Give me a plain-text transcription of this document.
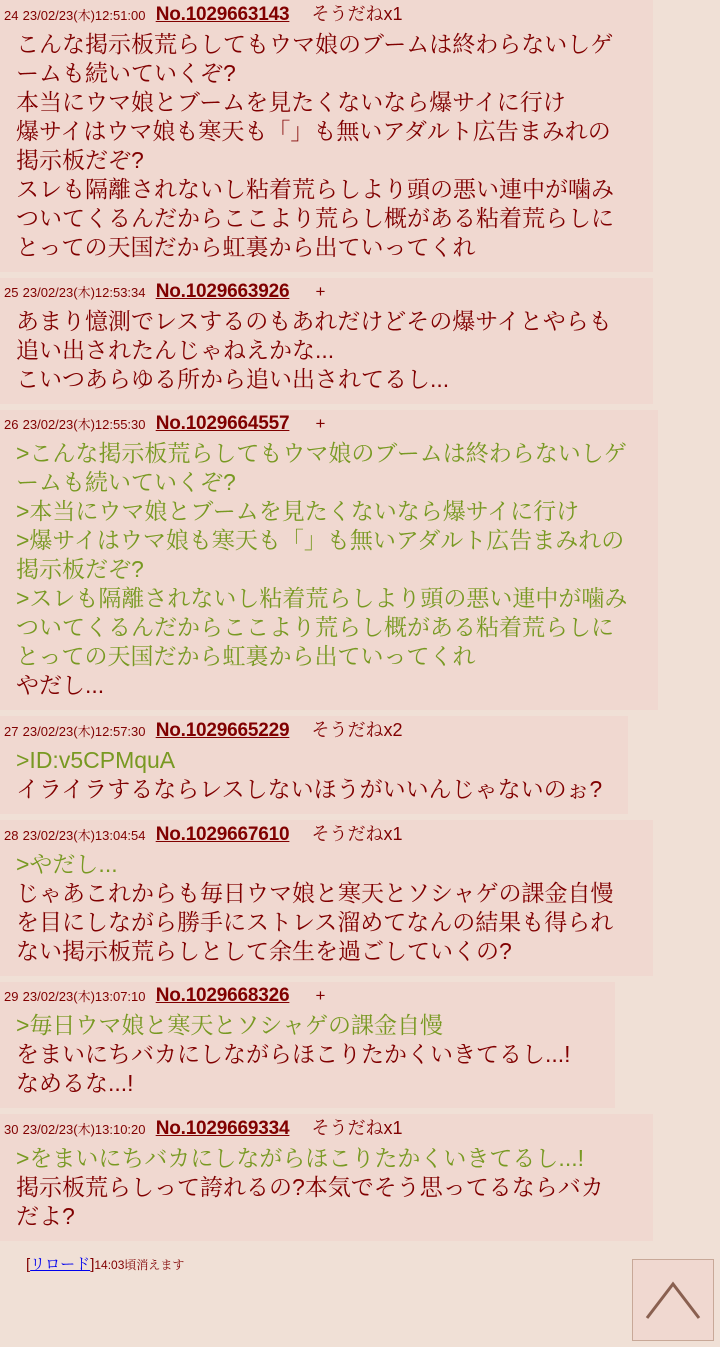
24 23/02/23(木)12:51:00 No.1029663143 そうだねx1
こんな掲示板荒らしてもウマ娘のブームは終わらないしゲ
ームも続いていくぞ?
本当にウマ娘とブームを見たくないなら爆サイに行け
爆サイはウマ娘も寒天も「」も無いアダルト広告まみれの
掲示板だぞ?
スレも隔離されないし粘着荒らしより頭の悪い連中が噛み
ついてくるんだからここより荒らし概がある粘着荒らしに
とっての天国だから虹裏から出ていってくれ
25 23/02/23(木)12:53:34 No.1029663926 +
あまり憶測でレスするのもあれだけどその爆サイとやらも
追い出されたんじゃねえかな...
こいつあらゆる所から追い出されてるし...
26 23/02/23(木)12:55:30 No.1029664557 +
>こんな掲示板荒らしてもウマ娘のブームは終わらないしゲ
ームも続いていくぞ?
>本当にウマ娘とブームを見たくないなら爆サイに行け
>爆サイはウマ娘も寒天も「」も無いアダルト広告まみれの
掲示板だぞ?
>スレも隔離されないし粘着荒らしより頭の悪い連中が噛み
ついてくるんだからここより荒らし概がある粘着荒らしに
とっての天国だから虹裏から出ていってくれ
やだし...
27 23/02/23(木)12:57:30 No.1029665229 そうだねx2
>ID:v5CPMquA
イライラするならレスしないほうがいいんじゃないのぉ?
28 23/02/23(木)13:04:54 No.1029667610 そうだねx1
>やだし...
じゃあこれからも毎日ウマ娘と寒天とソシャゲの課金自慢
を目にしながら勝手にストレス溜めてなんの結果も得られ
ない掲示板荒らしとして余生を過ごしていくの?
29 23/02/23(木)13:07:10 No.1029668326 +
>毎日ウマ娘と寒天とソシャゲの課金自慢
をまいにちバカにしながらほこりたかくいきてるし...!
なめるな...!
30 23/02/23(木)13:10:20 No.1029669334 そうだねx1
>をまいにちバカにしながらほこりたかくいきてるし...!
掲示板荒らしって誇れるの?本気でそう思ってるならバカ
だよ?
[リロード]14:03頃消えます
